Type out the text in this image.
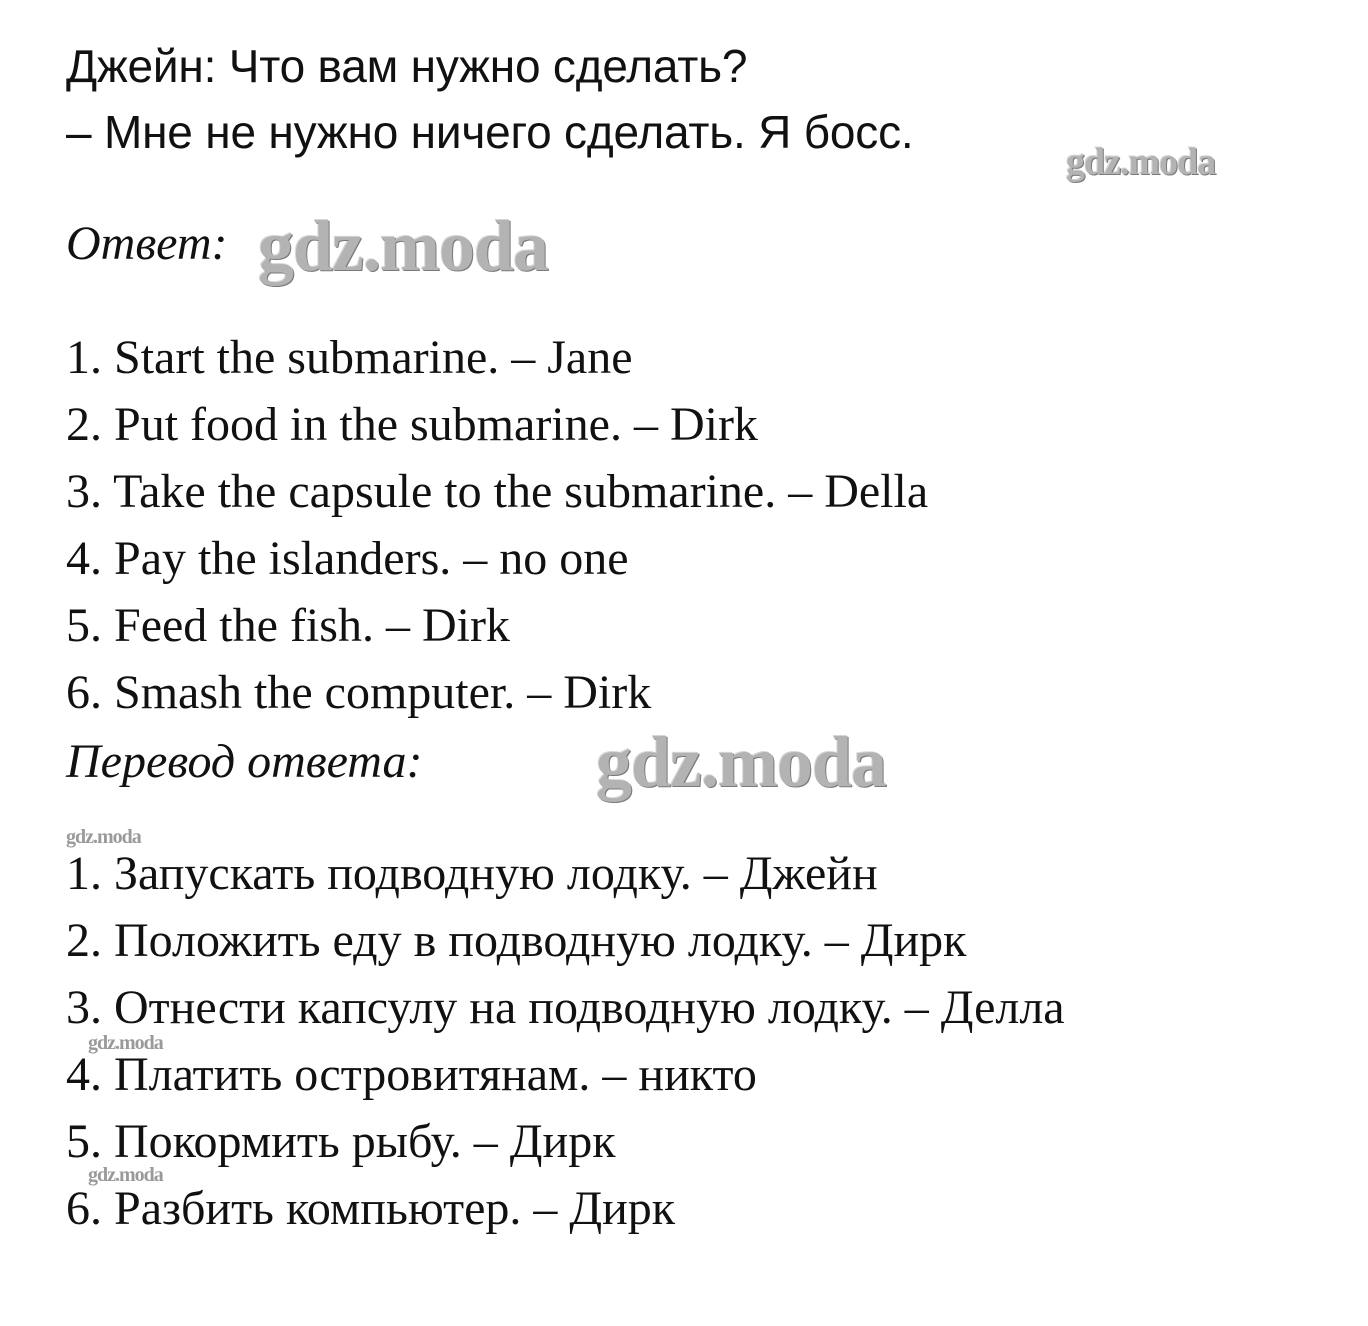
Джейн: Что вам нужно сделать?

– Мне не нужно ничего сделать. Я босс.

gdz.moda

Ответ: gdz.moda

1. Start the submarine. – Jane

2. Put food in the submarine. – Dirk

3. Take the capsule to the submarine. – Della

4. Pay the islanders. – no one

5. Feed the fish. – Dirk

6. Smash the computer. – Dirk

Перевод ответа: gdz.moda
gdz.moda

1. Запускать подводную лодку. – Джейн

2. Положить еду в подводную лодку. – Дирк

3. Отнести капсулу на подводную лодку. – Делла

4. Платить островитянам. – никто

5. Покормить рыбу. – Дирк

6. Разбить компьютер. – Дирк

gdz.moda
gdz.moda
